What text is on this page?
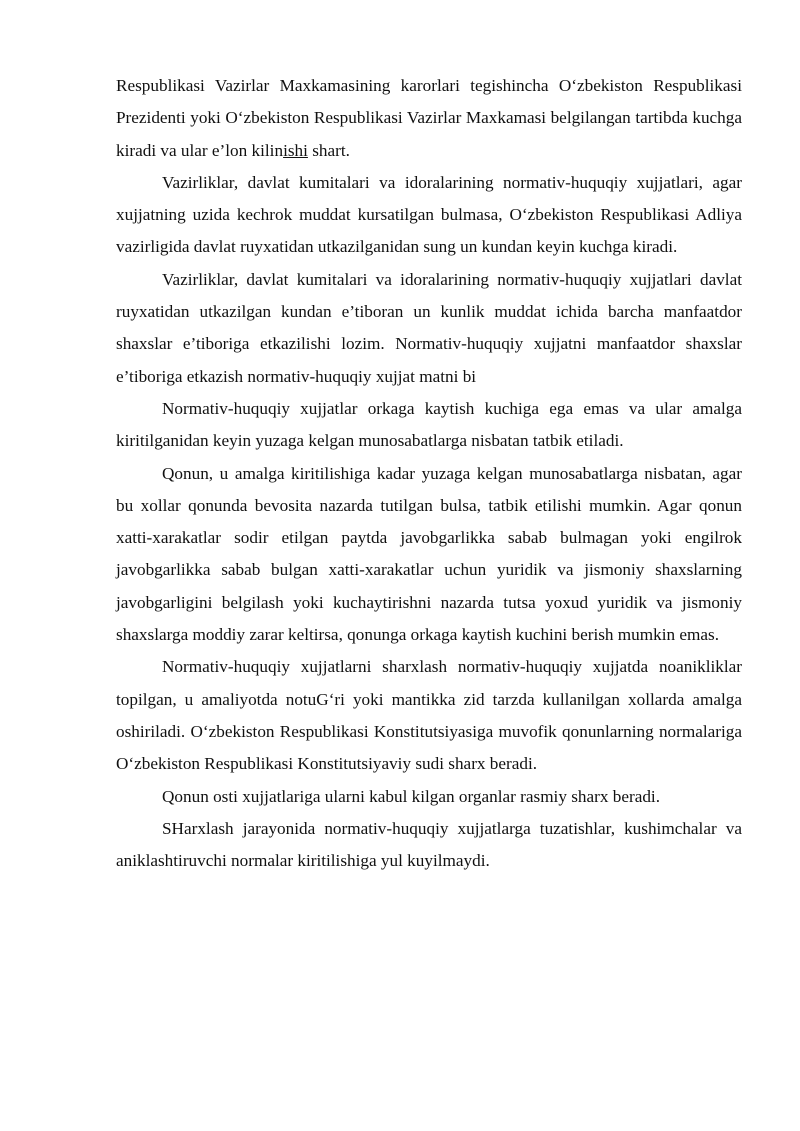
Respublikasi Vazirlar Maxkamasining karorlari tegishincha O‘zbekiston Respublikasi Prezidenti yoki O‘zbekiston Respublikasi Vazirlar Maxkamasi belgilangan tartibda kuchga kiradi va ular e’lon kilinishi shart.

Vazirliklar, davlat kumitalari va idoralarining normativ-huquqiy xujjatlari, agar xujjatning uzida kechrok muddat kursatilgan bulmasa, O‘zbekiston Respublikasi Adliya vazirligida davlat ruyxatidan utkazilganidan sung un kundan keyin kuchga kiradi.

Vazirliklar, davlat kumitalari va idoralarining normativ-huquqiy xujjatlari davlat ruyxatidan utkazilgan kundan e’tiboran un kunlik muddat ichida barcha manfaatdor shaxslar e’tiboriga etkazilishi lozim. Normativ-huquqiy xujjatni manfaatdor shaxslar e’tiboriga etkazish normativ-huquqiy xujjat matni bi

Normativ-huquqiy xujjatlar orkaga kaytish kuchiga ega emas va ular amalga kiritilganidan keyin yuzaga kelgan munosabatlarga nisbatan tatbik etiladi.

Qonun, u amalga kiritilishiga kadar yuzaga kelgan munosabatlarga nisbatan, agar bu xollar qonunda bevosita nazarda tutilgan bulsa, tatbik etilishi mumkin. Agar qonun xatti-xarakatlar sodir etilgan paytda javobgarlikka sabab bulmagan yoki engilrok javobgarlikka sabab bulgan xatti-xarakatlar uchun yuridik va jismoniy shaxslarning javobgarligini belgilash yoki kuchaytirishni nazarda tutsa yoxud yuridik va jismoniy shaxslarga moddiy zarar keltirsa, qonunga orkaga kaytish kuchini berish mumkin emas.

Normativ-huquqiy xujjatlarni sharxlash normativ-huquqiy xujjatda noanikliklar topilgan, u amaliyotda notuG‘ri yoki mantikka zid tarzda kullanilgan xollarda amalga oshiriladi. O‘zbekiston Respublikasi Konstitutsiyasiga muvofik qonunlarning normalariga O‘zbekiston Respublikasi Konstitutsiyaviy sudi sharx beradi.

Qonun osti xujjatlariga ularni kabul kilgan organlar rasmiy sharx beradi.

SHarxlash jarayonida normativ-huquqiy xujjatlarga tuzatishlar, kushimchalar va aniklashtiruvchi normalar kiritilishiga yul kuyilmaydi.
